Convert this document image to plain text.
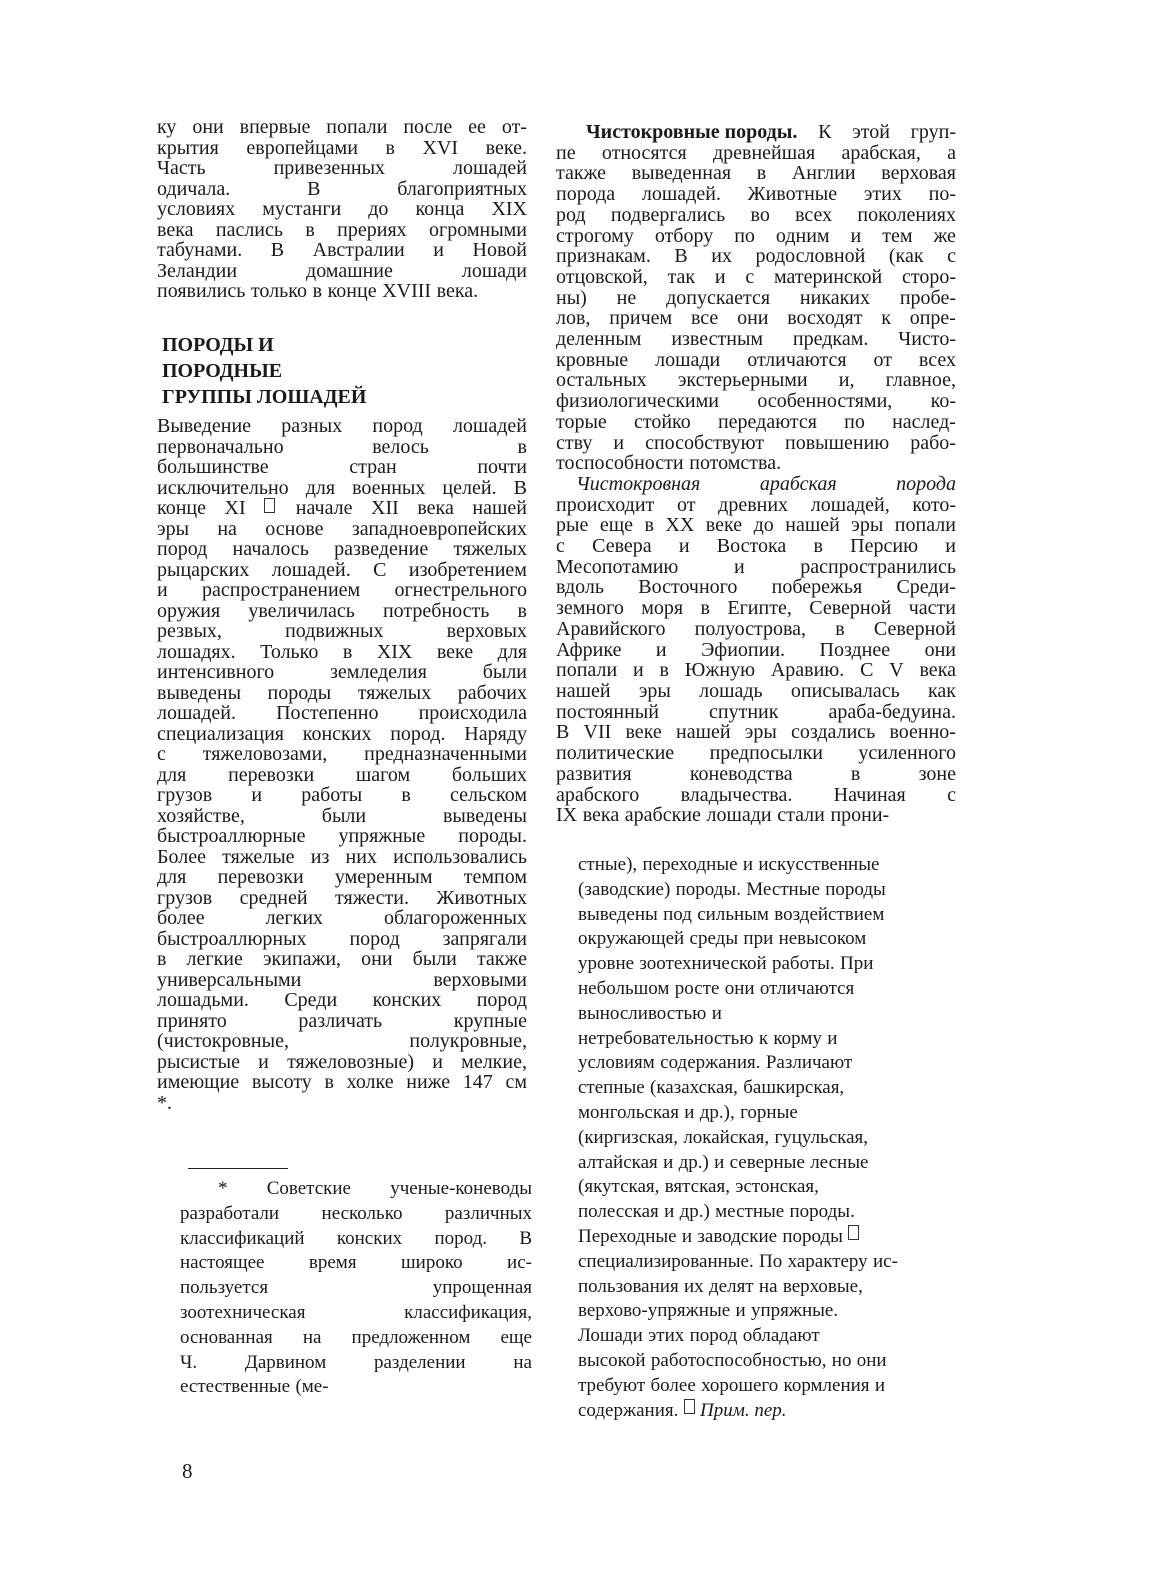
ку они впервые попали после ее от-
крытия европейцами в XVI веке.
Часть	привезенных	лошадей
одичала.	В	благоприятных
условиях мустанги до конца XIX
века паслись в прериях огромными
табунами. В Австралии и Новой
Зеландии	домашние	лошади
появились только в конце XVIII века.
ПОРОДЫ И
ПОРОДНЫЕ
ГРУППЫ ЛОШАДЕЙ
Выведение разных пород лошадей
первоначально	велось	в
большинстве	стран	почти
исключительно для военных целей. В
конце XI	начале XII века нашей
эры на основе западноевропейских
пород началось разведение тяжелых
рыцарских лошадей. С изобретением
и распространением огнестрельного
оружия увеличилась потребность в
резвых,	подвижных	верховых
лошадях. Только в XIX веке для
интенсивного	земледелия	были
выведены породы тяжелых рабочих
лошадей. Постепенно происходила
специализация конских пород. Наряду
с тяжеловозами, предназначенными
для перевозки шагом больших
грузов и работы в сельском
хозяйстве,	были	выведены
быстроаллюрные упряжные породы.
Более тяжелые из них использовались
для перевозки умеренным темпом
грузов средней тяжести. Животных
более	легких	облагороженных
быстроаллюрных пород запрягали
в легкие экипажи, они были также
универсальными	верховыми
лошадьми. Среди конских пород
принято	различать	крупные
(чистокровные,	полукровные,
рысистые и тяжеловозные) и мелкие,
имеющие высоту в холке ниже 147 см
*.
Чистокровные породы. К этой груп-
пе относятся древнейшая арабская, а
также выведенная в Англии верховая
порода лошадей. Животные этих по-
род подвергались во всех поколениях
строгому отбору по одним и тем же
признакам. В их родословной (как с
отцовской, так и с материнской сторо-
ны) не допускается никаких пробе-
лов, причем все они восходят к опре-
деленным известным предкам. Чисто-
кровные лошади отличаются от всех
остальных экстерьерными и, главное,
физиологическими особенностями, ко-
торые стойко передаются по наслед-
ству и способствуют повышению рабо-
тоспособности потомства.
Чистокровная	арабская	порода
происходит от древних лошадей, кото-
рые еще в XX веке до нашей эры попали
с Севера и Востока в Персию и
Месопотамию	и	распространились
вдоль Восточного побережья Среди-
земного моря в Египте, Северной части
Аравийского полуострова, в Северной
Африке и Эфиопии. Позднее они
попали и в Южную Аравию. С V века
нашей эры лошадь описывалась как
постоянный	спутник	араба-бедуина.
В VII веке нашей эры создались военно-
политические предпосылки усиленного
развития	коневодства	в	зоне
арабского владычества. Начиная с
IX века арабские лошади стали прони-
* Советские ученые-коневоды
разработали несколько различных
классификаций конских пород. В
настоящее время широко ис-
пользуется	упрощенная
зоотехническая	классификация,
основанная на предложенном еще
Ч.	Дарвином	разделении	на
естественные (ме-
стные), переходные и искусственные
(заводские) породы. Местные породы
выведены под сильным воздействием
окружающей среды при невысоком
уровне зоотехнической работы. При
небольшом росте они отличаются
выносливостью и
нетребовательностью к корму и
условиям содержания. Различают
степные (казахская, башкирская,
монгольская и др.), горные
(киргизская, локайская, гуцульская,
алтайская и др.) и северные лесные
(якутская, вятская, эстонская,
полесская и др.) местные породы.
Переходные и заводские породы
специализированные. По характеру ис-
пользования их делят на верховые,
верхово-упряжные и упряжные.
Лошади этих пород обладают
высокой работоспособностью, но они
требуют более хорошего кормления и
содержания. Прим. пер.
8
